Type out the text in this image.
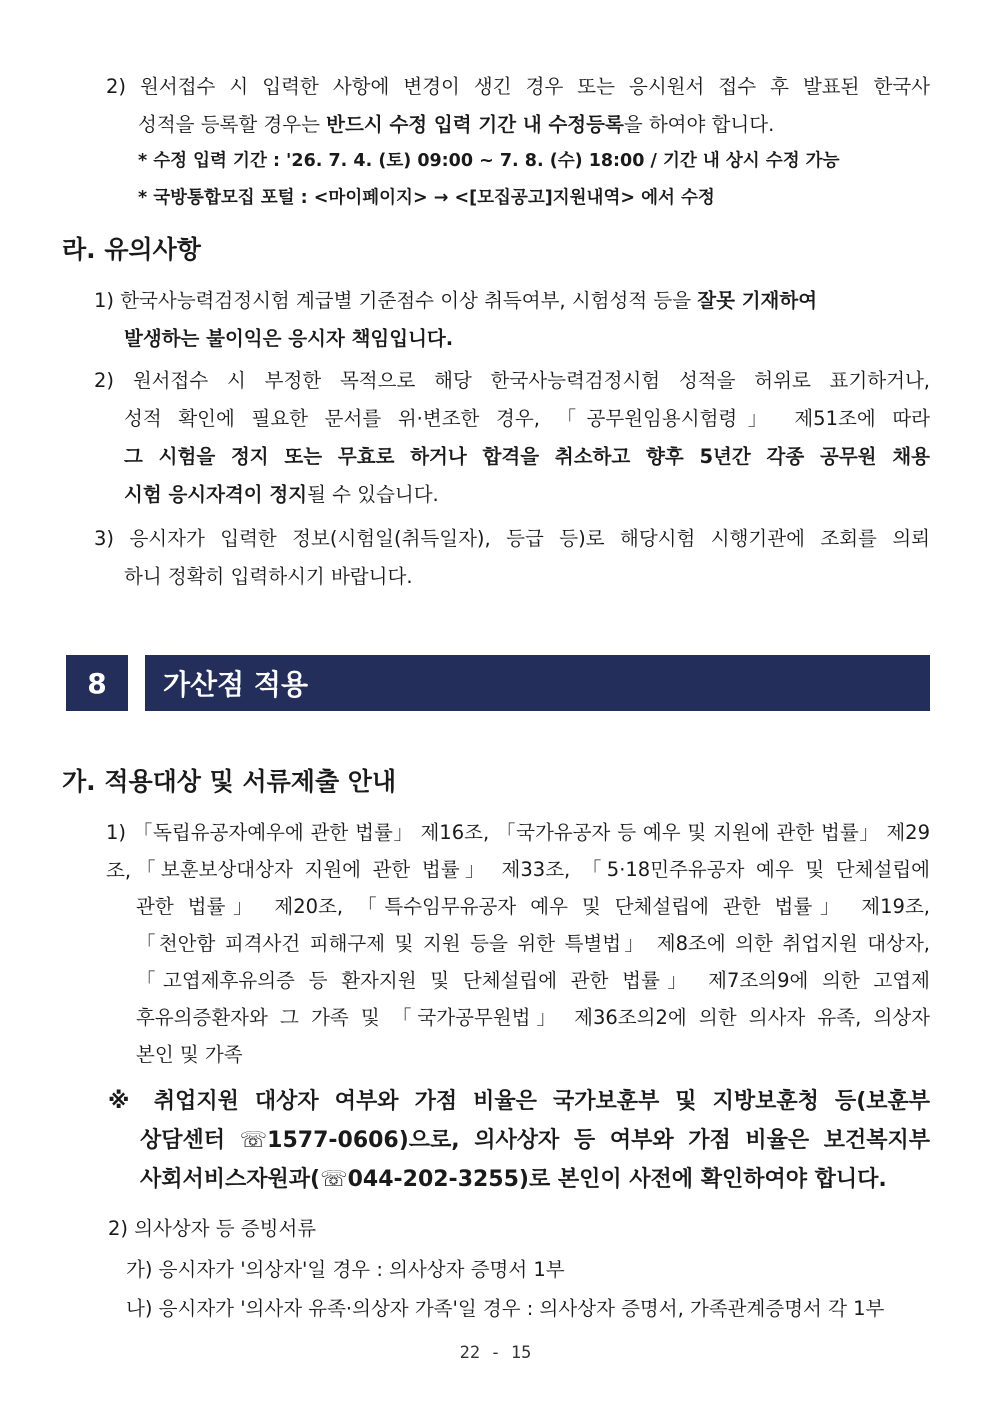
2) 원서접수 시 입력한 사항에 변경이 생긴 경우 또는 응시원서 접수 후 발표된 한국사
성적을 등록할 경우는 반드시 수정 입력 기간 내 수정등록을 하여야 합니다.
* 수정 입력 기간 : '26. 7. 4. (토) 09:00 ~ 7. 8. (수) 18:00 / 기간 내 상시 수정 가능
* 국방통합모집 포털 : <마이페이지> → <[모집공고]지원내역> 에서 수정
라. 유의사항
1) 한국사능력검정시험 계급별 기준점수 이상 취득여부, 시험성적 등을 잘못 기재하여
발생하는 불이익은 응시자 책임입니다.
2) 원서접수 시 부정한 목적으로 해당 한국사능력검정시험 성적을 허위로 표기하거나,
성적 확인에 필요한 문서를 위·변조한 경우, 「공무원임용시험령」 제51조에 따라
그 시험을 정지 또는 무효로 하거나 합격을 취소하고 향후 5년간 각종 공무원 채용
시험 응시자격이 정지될 수 있습니다.
3) 응시자가 입력한 정보(시험일(취득일자), 등급 등)로 해당시험 시행기관에 조회를 의뢰
하니 정확히 입력하시기 바랍니다.
8	가산점 적용
가. 적용대상 및 서류제출 안내
1) 「독립유공자예우에 관한 법률」 제16조, 「국가유공자 등 예우 및 지원에 관한 법률」 제29조, 「보훈보상대상자 지원에 관한 법률」 제33조, 「5·18민주유공자 예우 및 단체설립에
관한 법률」 제20조, 「특수임무유공자 예우 및 단체설립에 관한 법률」 제19조,
「천안함 피격사건 피해구제 및 지원 등을 위한 특별법」 제8조에 의한 취업지원 대상자,
「고엽제후유의증 등 환자지원 및 단체설립에 관한 법률」 제7조의9에 의한 고엽제
후유의증환자와 그 가족 및 「국가공무원법」 제36조의2에 의한 의사자 유족, 의상자
본인 및 가족
※ 취업지원 대상자 여부와 가점 비율은 국가보훈부 및 지방보훈청 등(보훈부
상담센터 ☏1577-0606)으로, 의사상자 등 여부와 가점 비율은 보건복지부
사회서비스자원과(☏044-202-3255)로 본인이 사전에 확인하여야 합니다.
2) 의사상자 등 증빙서류
가) 응시자가 '의상자'일 경우 : 의사상자 증명서 1부
나) 응시자가 '의사자 유족·의상자 가족'일 경우 : 의사상자 증명서, 가족관계증명서 각 1부
22 - 15
